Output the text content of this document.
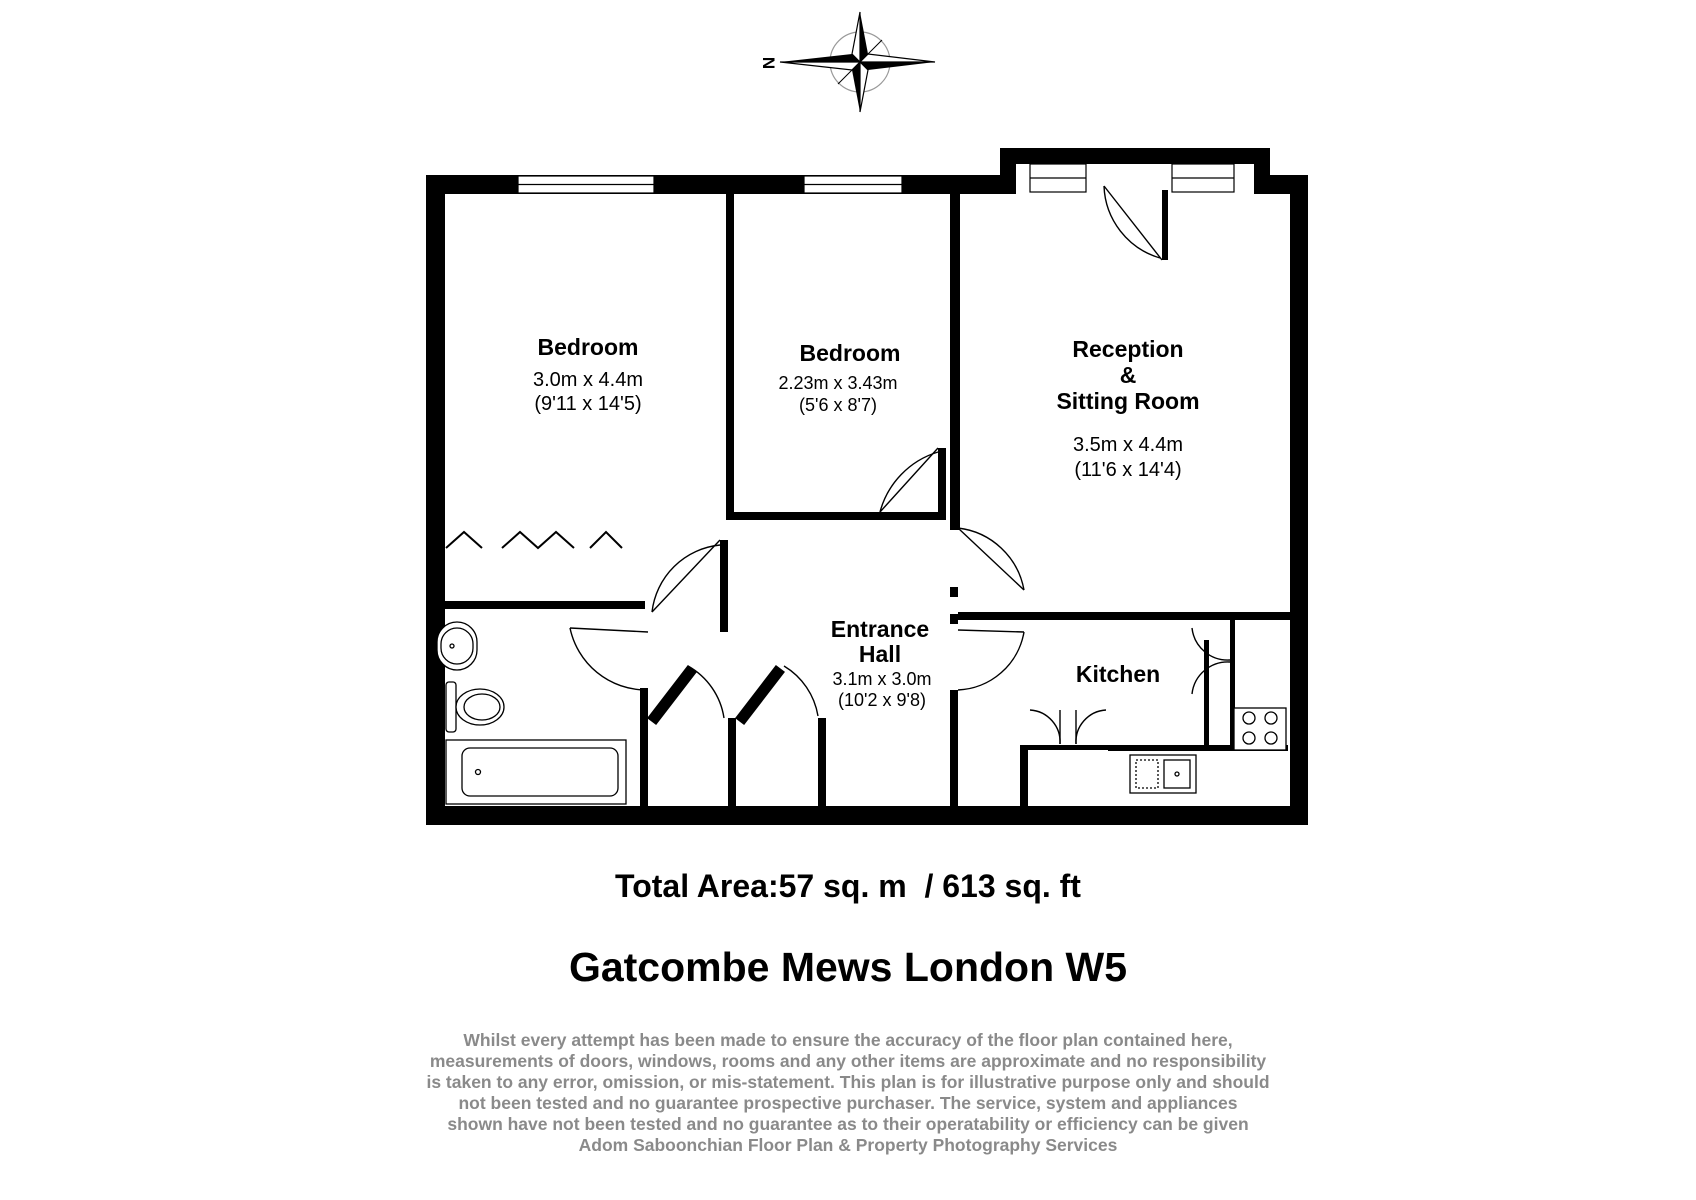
N
Bedroom
3.0m x 4.4m
(9'11 x 14'5)
Bedroom
2.23m x 3.43m
(5'6 x 8'7)
Reception
&
Sitting Room
3.5m x 4.4m
(11'6 x 14'4)
Entrance
Hall
3.1m x 3.0m
(10'2 x 9'8)
Kitchen
Total Area:57 sq. m  / 613 sq. ft
Gatcombe Mews London W5
Whilst every attempt has been made to ensure the accuracy of the floor plan contained here,
measurements of doors, windows, rooms and any other items are approximate and no responsibility
is taken to any error, omission, or mis-statement. This plan is for illustrative purpose only and should
not been tested and no guarantee prospective purchaser. The service, system and appliances
shown have not been tested and no guarantee as to their operatability or efficiency can be given
Adom Saboonchian Floor Plan & Property Photography Services
